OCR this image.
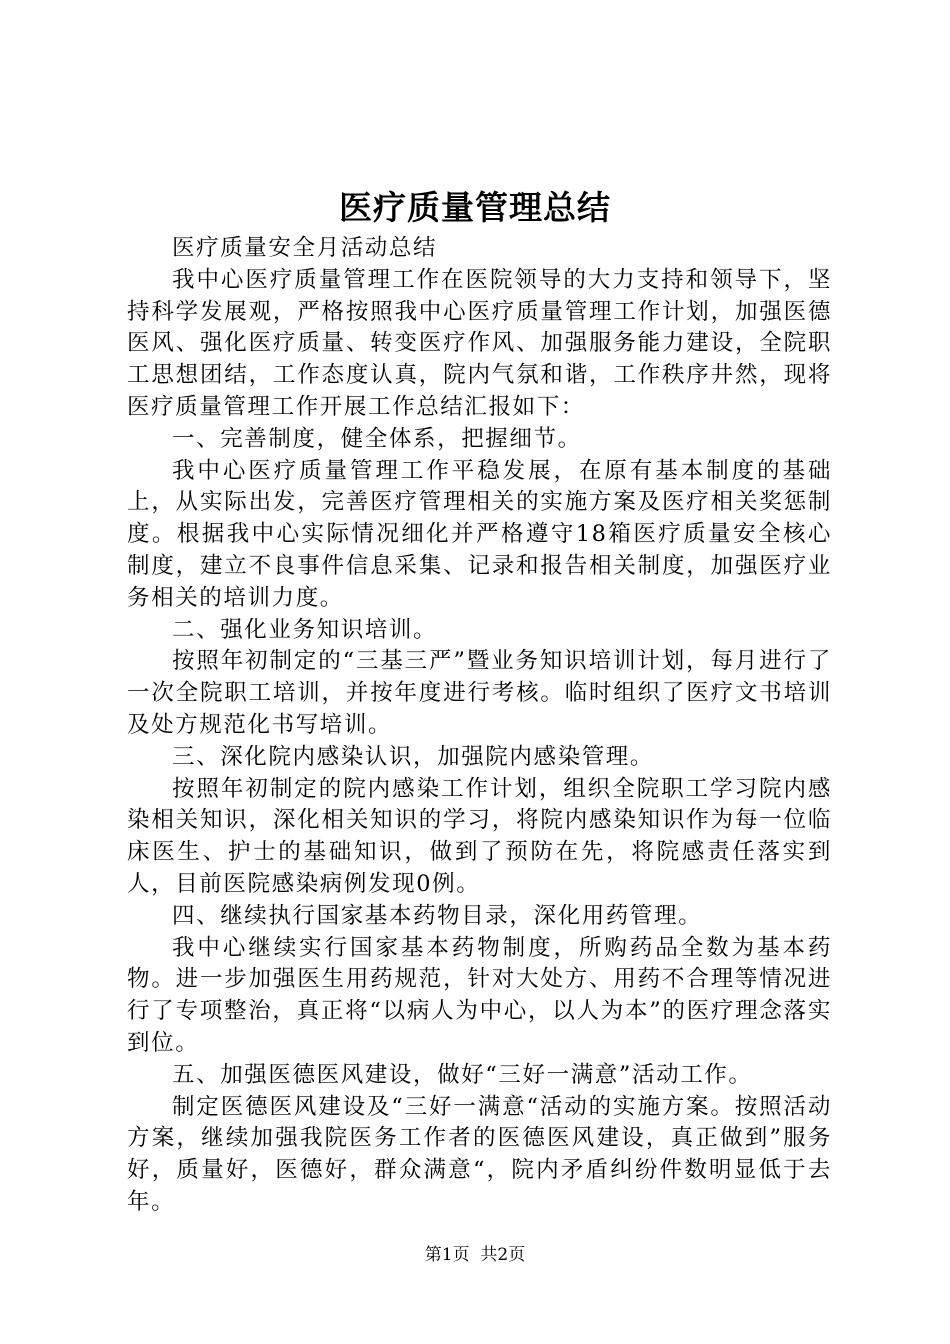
医疗质量管理总结

医疗质量安全月活动总结

我中心医疗质量管理工作在医院领导的大力支持和领导下，坚持科学发展观，严格按照我中心医疗质量管理工作计划，加强医德医风、强化医疗质量、转变医疗作风、加强服务能力建设，全院职工思想团结，工作态度认真，院内气氛和谐，工作秩序井然，现将医疗质量管理工作开展工作总结汇报如下：

一、完善制度，健全体系，把握细节。

我中心医疗质量管理工作平稳发展，在原有基本制度的基础上，从实际出发，完善医疗管理相关的实施方案及医疗相关奖惩制度。根据我中心实际情况细化并严格遵守18箱医疗质量安全核心制度，建立不良事件信息采集、记录和报告相关制度，加强医疗业务相关的培训力度。

二、强化业务知识培训。

按照年初制定的“三基三严”暨业务知识培训计划，每月进行了一次全院职工培训，并按年度进行考核。临时组织了医疗文书培训及处方规范化书写培训。

三、深化院内感染认识，加强院内感染管理。

按照年初制定的院内感染工作计划，组织全院职工学习院内感染相关知识，深化相关知识的学习，将院内感染知识作为每一位临床医生、护士的基础知识，做到了预防在先，将院感责任落实到人，目前医院感染病例发现0例。

四、继续执行国家基本药物目录，深化用药管理。

我中心继续实行国家基本药物制度，所购药品全数为基本药物。进一步加强医生用药规范，针对大处方、用药不合理等情况进行了专项整治，真正将“以病人为中心，以人为本”的医疗理念落实到位。

五、加强医德医风建设，做好“三好一满意”活动工作。

制定医德医风建设及“三好一满意“活动的实施方案。按照活动方案，继续加强我院医务工作者的医德医风建设，真正做到”服务好，质量好，医德好，群众满意“，院内矛盾纠纷件数明显低于去年。

第1页  共2页
